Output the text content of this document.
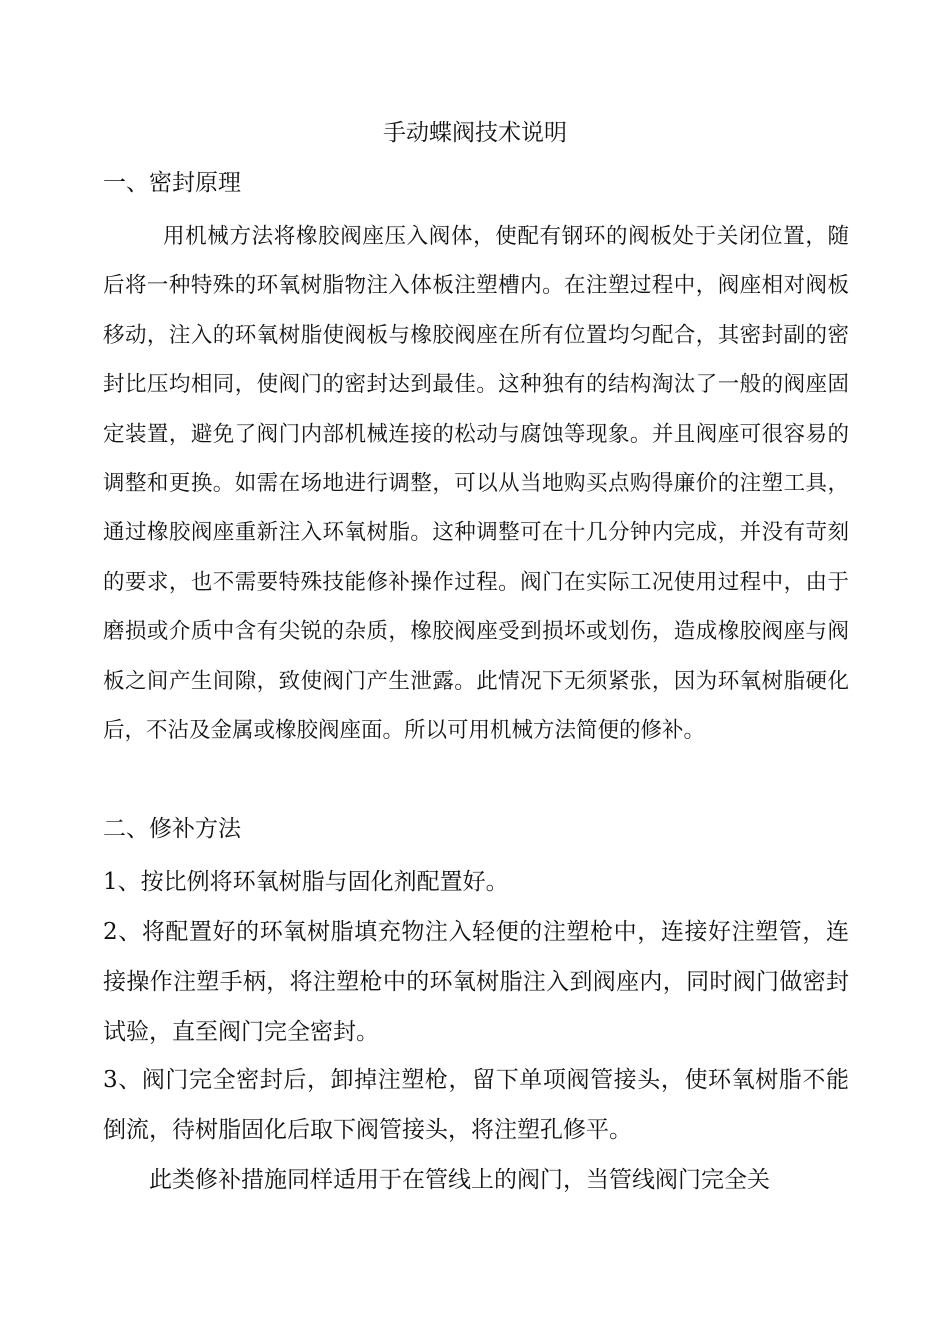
手动蝶阀技术说明
一、密封原理
用机械方法将橡胶阀座压入阀体，使配有钢环的阀板处于关闭位置，随后将一种特殊的环氧树脂物注入体板注塑槽内。在注塑过程中，阀座相对阀板移动，注入的环氧树脂使阀板与橡胶阀座在所有位置均匀配合，其密封副的密封比压均相同，使阀门的密封达到最佳。这种独有的结构淘汰了一般的阀座固定装置，避免了阀门内部机械连接的松动与腐蚀等现象。并且阀座可很容易的调整和更换。如需在场地进行调整，可以从当地购买点购得廉价的注塑工具，通过橡胶阀座重新注入环氧树脂。这种调整可在十几分钟内完成，并没有苛刻的要求，也不需要特殊技能修补操作过程。阀门在实际工况使用过程中，由于磨损或介质中含有尖锐的杂质，橡胶阀座受到损坏或划伤，造成橡胶阀座与阀板之间产生间隙，致使阀门产生泄露。此情况下无须紧张，因为环氧树脂硬化后，不沾及金属或橡胶阀座面。所以可用机械方法简便的修补。
二、修补方法
1、按比例将环氧树脂与固化剂配置好。
2、将配置好的环氧树脂填充物注入轻便的注塑枪中，连接好注塑管，连接操作注塑手柄，将注塑枪中的环氧树脂注入到阀座内，同时阀门做密封试验，直至阀门完全密封。
3、阀门完全密封后，卸掉注塑枪，留下单项阀管接头，使环氧树脂不能倒流，待树脂固化后取下阀管接头，将注塑孔修平。
此类修补措施同样适用于在管线上的阀门，当管线阀门完全关
